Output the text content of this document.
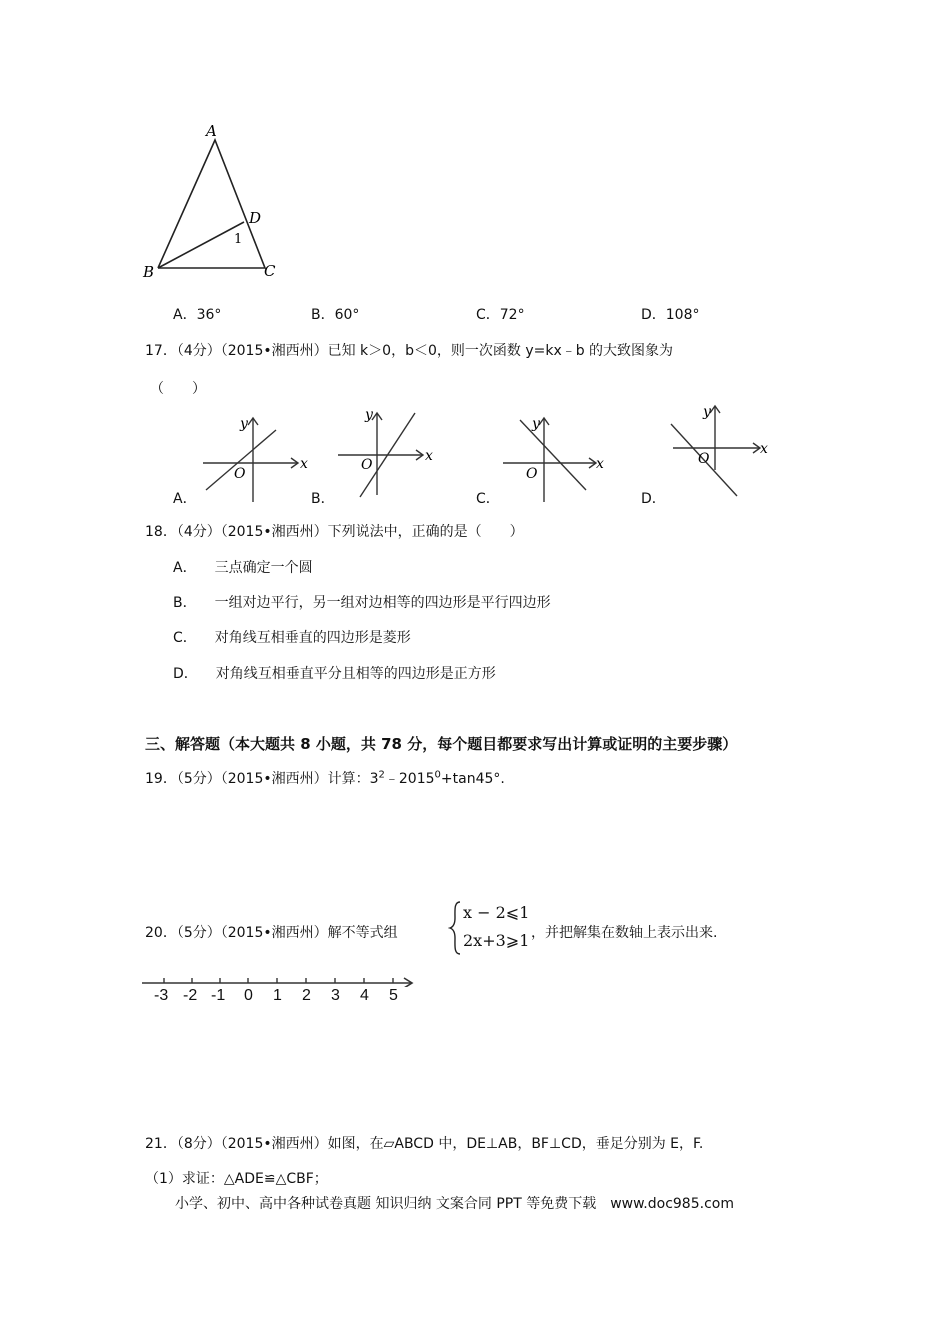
A
B	C
D
1
A．36°	B．60°	C．72°	D．108°
17．（4分）（2015•湘西州）已知 k＞0，b＜0，则一次函数 y=kx﹣b 的大致图象为
（　　）
x
y
O
x
y
O	x
y
O
x
y
O
A．	B．	C．	D．
18．（4分）（2015•湘西州）下列说法中，正确的是（　　）
A． 三点确定一个圆
B． 一组对边平行，另一组对边相等的四边形是平行四边形
C． 对角线互相垂直的四边形是菱形
D． 对角线互相垂直平分且相等的四边形是正方形
三、解答题（本大题共 8 小题，共 78 分，每个题目都要求写出计算或证明的主要步骤）
19．（5分）（2015•湘西州）计算：$3^2﹣2015^0+\tan 45^\circ$.
20．（5分）（2015•湘西州）解不等式组
x − 2⩽1
2x+3⩾1 ，并把解集在数轴上表示出来.
-3 -2 -1 0 1 2 3 4 5
21．（8分）（2015•湘西州）如图，在▱ABCD 中，DE⊥AB，BF⊥CD，垂足分别为 E，F.
（1）求证：△ADE≌△CBF；
小学、初中、高中各种试卷真题 知识归纳 文案合同 PPT 等免费下载　www.doc985.com
